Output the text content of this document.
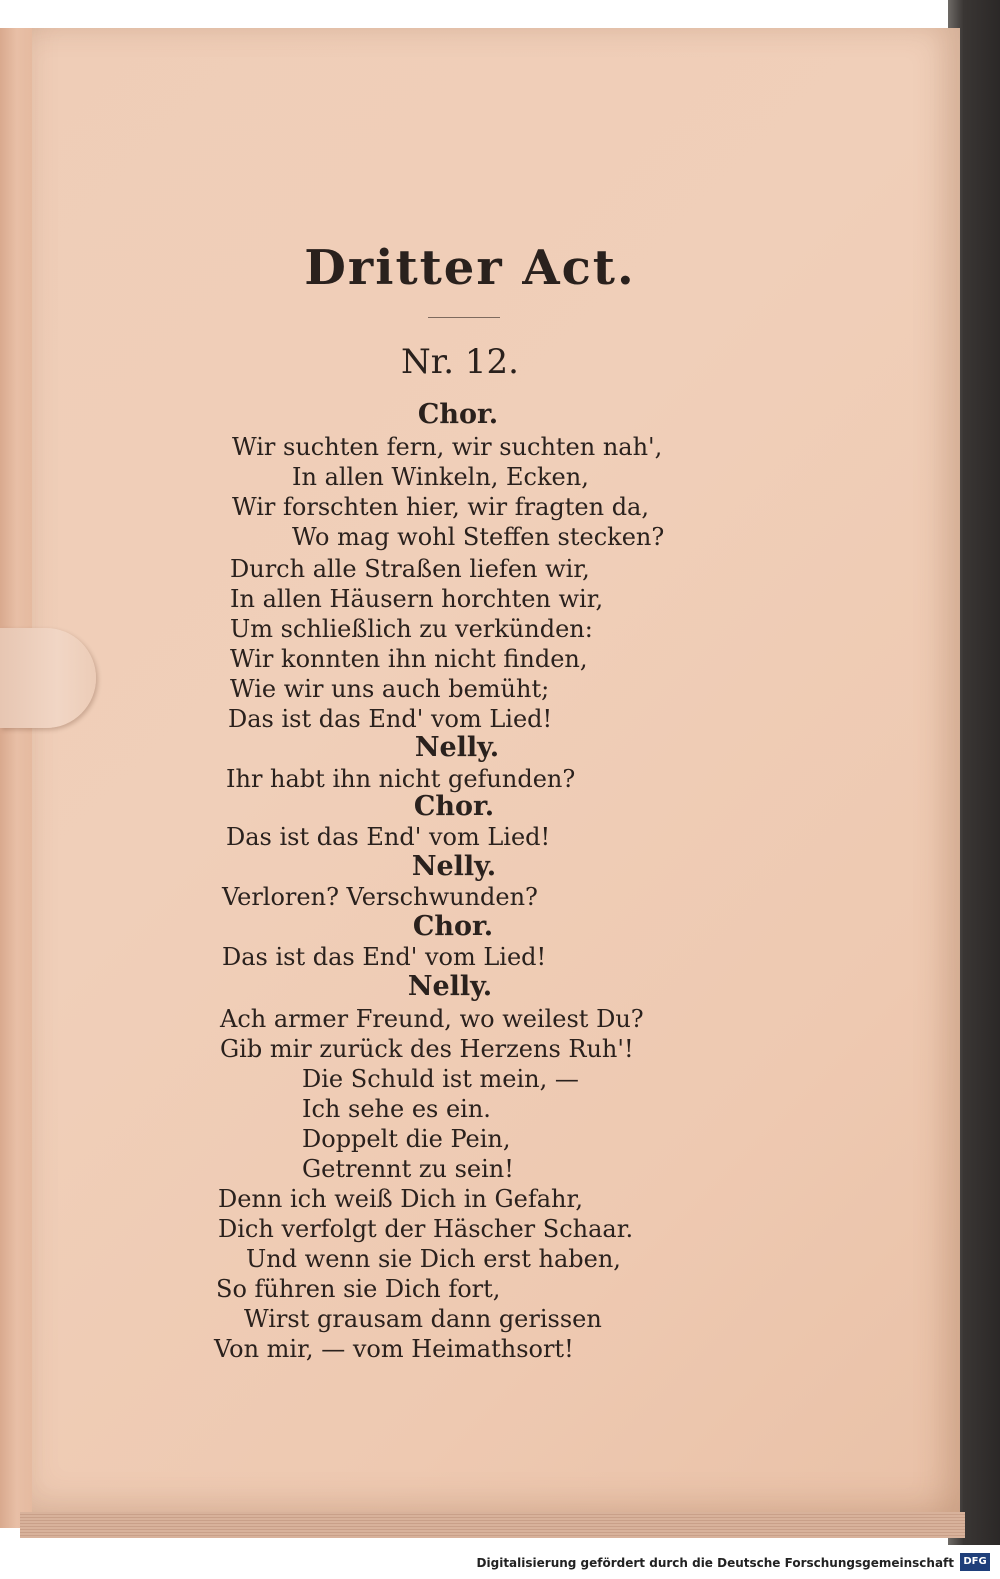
Dritter Act.
Nr. 12.
Chor.
Wir suchten fern, wir suchten nah',
In allen Winkeln, Ecken,
Wir forschten hier, wir fragten da,
Wo mag wohl Steffen stecken?
Durch alle Straßen liefen wir,
In allen Häusern horchten wir,
Um schließlich zu verkünden:
Wir konnten ihn nicht finden,
Wie wir uns auch bemüht;
Das ist das End' vom Lied!
Nelly.
Ihr habt ihn nicht gefunden?
Chor.
Das ist das End' vom Lied!
Nelly.
Verloren? Verschwunden?
Chor.
Das ist das End' vom Lied!
Nelly.
Ach armer Freund, wo weilest Du?
Gib mir zurück des Herzens Ruh'!
Die Schuld ist mein, —
Ich sehe es ein.
Doppelt die Pein,
Getrennt zu sein!
Denn ich weiß Dich in Gefahr,
Dich verfolgt der Häscher Schaar.
Und wenn sie Dich erst haben,
So führen sie Dich fort,
Wirst grausam dann gerissen
Von mir, — vom Heimathsort!
Digitalisierung gefördert durch die Deutsche Forschungsgemeinschaft DFG
